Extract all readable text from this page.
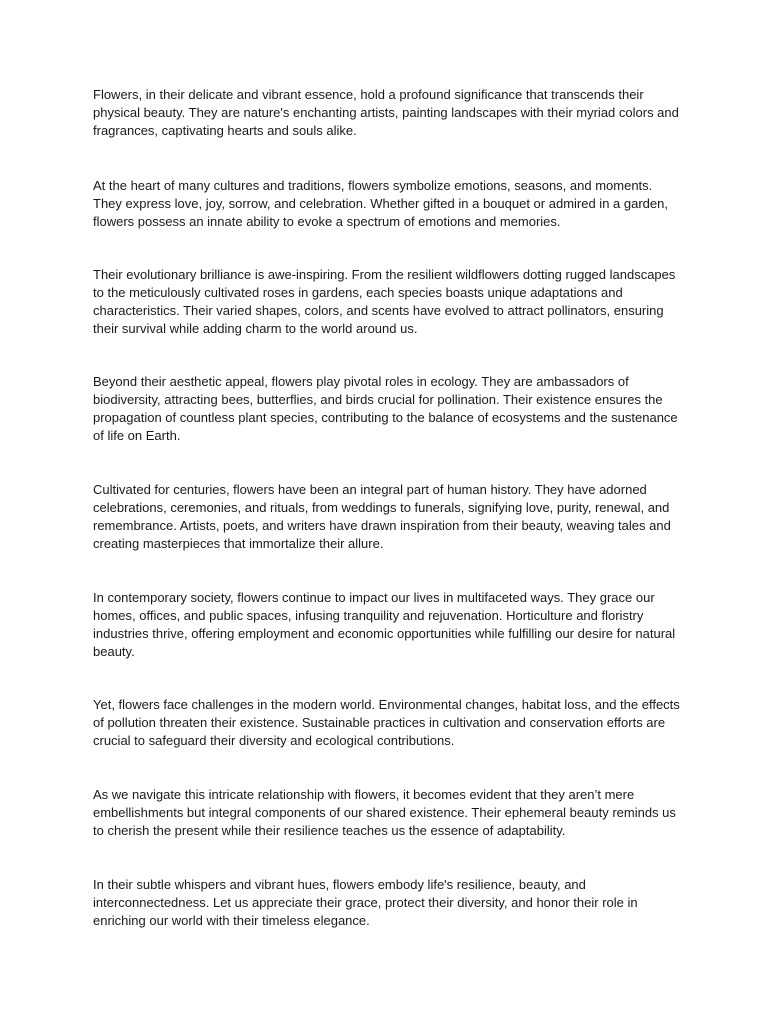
Flowers, in their delicate and vibrant essence, hold a profound significance that transcends their physical beauty. They are nature's enchanting artists, painting landscapes with their myriad colors and fragrances, captivating hearts and souls alike.

At the heart of many cultures and traditions, flowers symbolize emotions, seasons, and moments. They express love, joy, sorrow, and celebration. Whether gifted in a bouquet or admired in a garden, flowers possess an innate ability to evoke a spectrum of emotions and memories.

Their evolutionary brilliance is awe-inspiring. From the resilient wildflowers dotting rugged landscapes to the meticulously cultivated roses in gardens, each species boasts unique adaptations and characteristics. Their varied shapes, colors, and scents have evolved to attract pollinators, ensuring their survival while adding charm to the world around us.

Beyond their aesthetic appeal, flowers play pivotal roles in ecology. They are ambassadors of biodiversity, attracting bees, butterflies, and birds crucial for pollination. Their existence ensures the propagation of countless plant species, contributing to the balance of ecosystems and the sustenance of life on Earth.

Cultivated for centuries, flowers have been an integral part of human history. They have adorned celebrations, ceremonies, and rituals, from weddings to funerals, signifying love, purity, renewal, and remembrance. Artists, poets, and writers have drawn inspiration from their beauty, weaving tales and creating masterpieces that immortalize their allure.

In contemporary society, flowers continue to impact our lives in multifaceted ways. They grace our homes, offices, and public spaces, infusing tranquility and rejuvenation. Horticulture and floristry industries thrive, offering employment and economic opportunities while fulfilling our desire for natural beauty.

Yet, flowers face challenges in the modern world. Environmental changes, habitat loss, and the effects of pollution threaten their existence. Sustainable practices in cultivation and conservation efforts are crucial to safeguard their diversity and ecological contributions.

As we navigate this intricate relationship with flowers, it becomes evident that they aren’t mere embellishments but integral components of our shared existence. Their ephemeral beauty reminds us to cherish the present while their resilience teaches us the essence of adaptability.

In their subtle whispers and vibrant hues, flowers embody life's resilience, beauty, and interconnectedness. Let us appreciate their grace, protect their diversity, and honor their role in enriching our world with their timeless elegance.
